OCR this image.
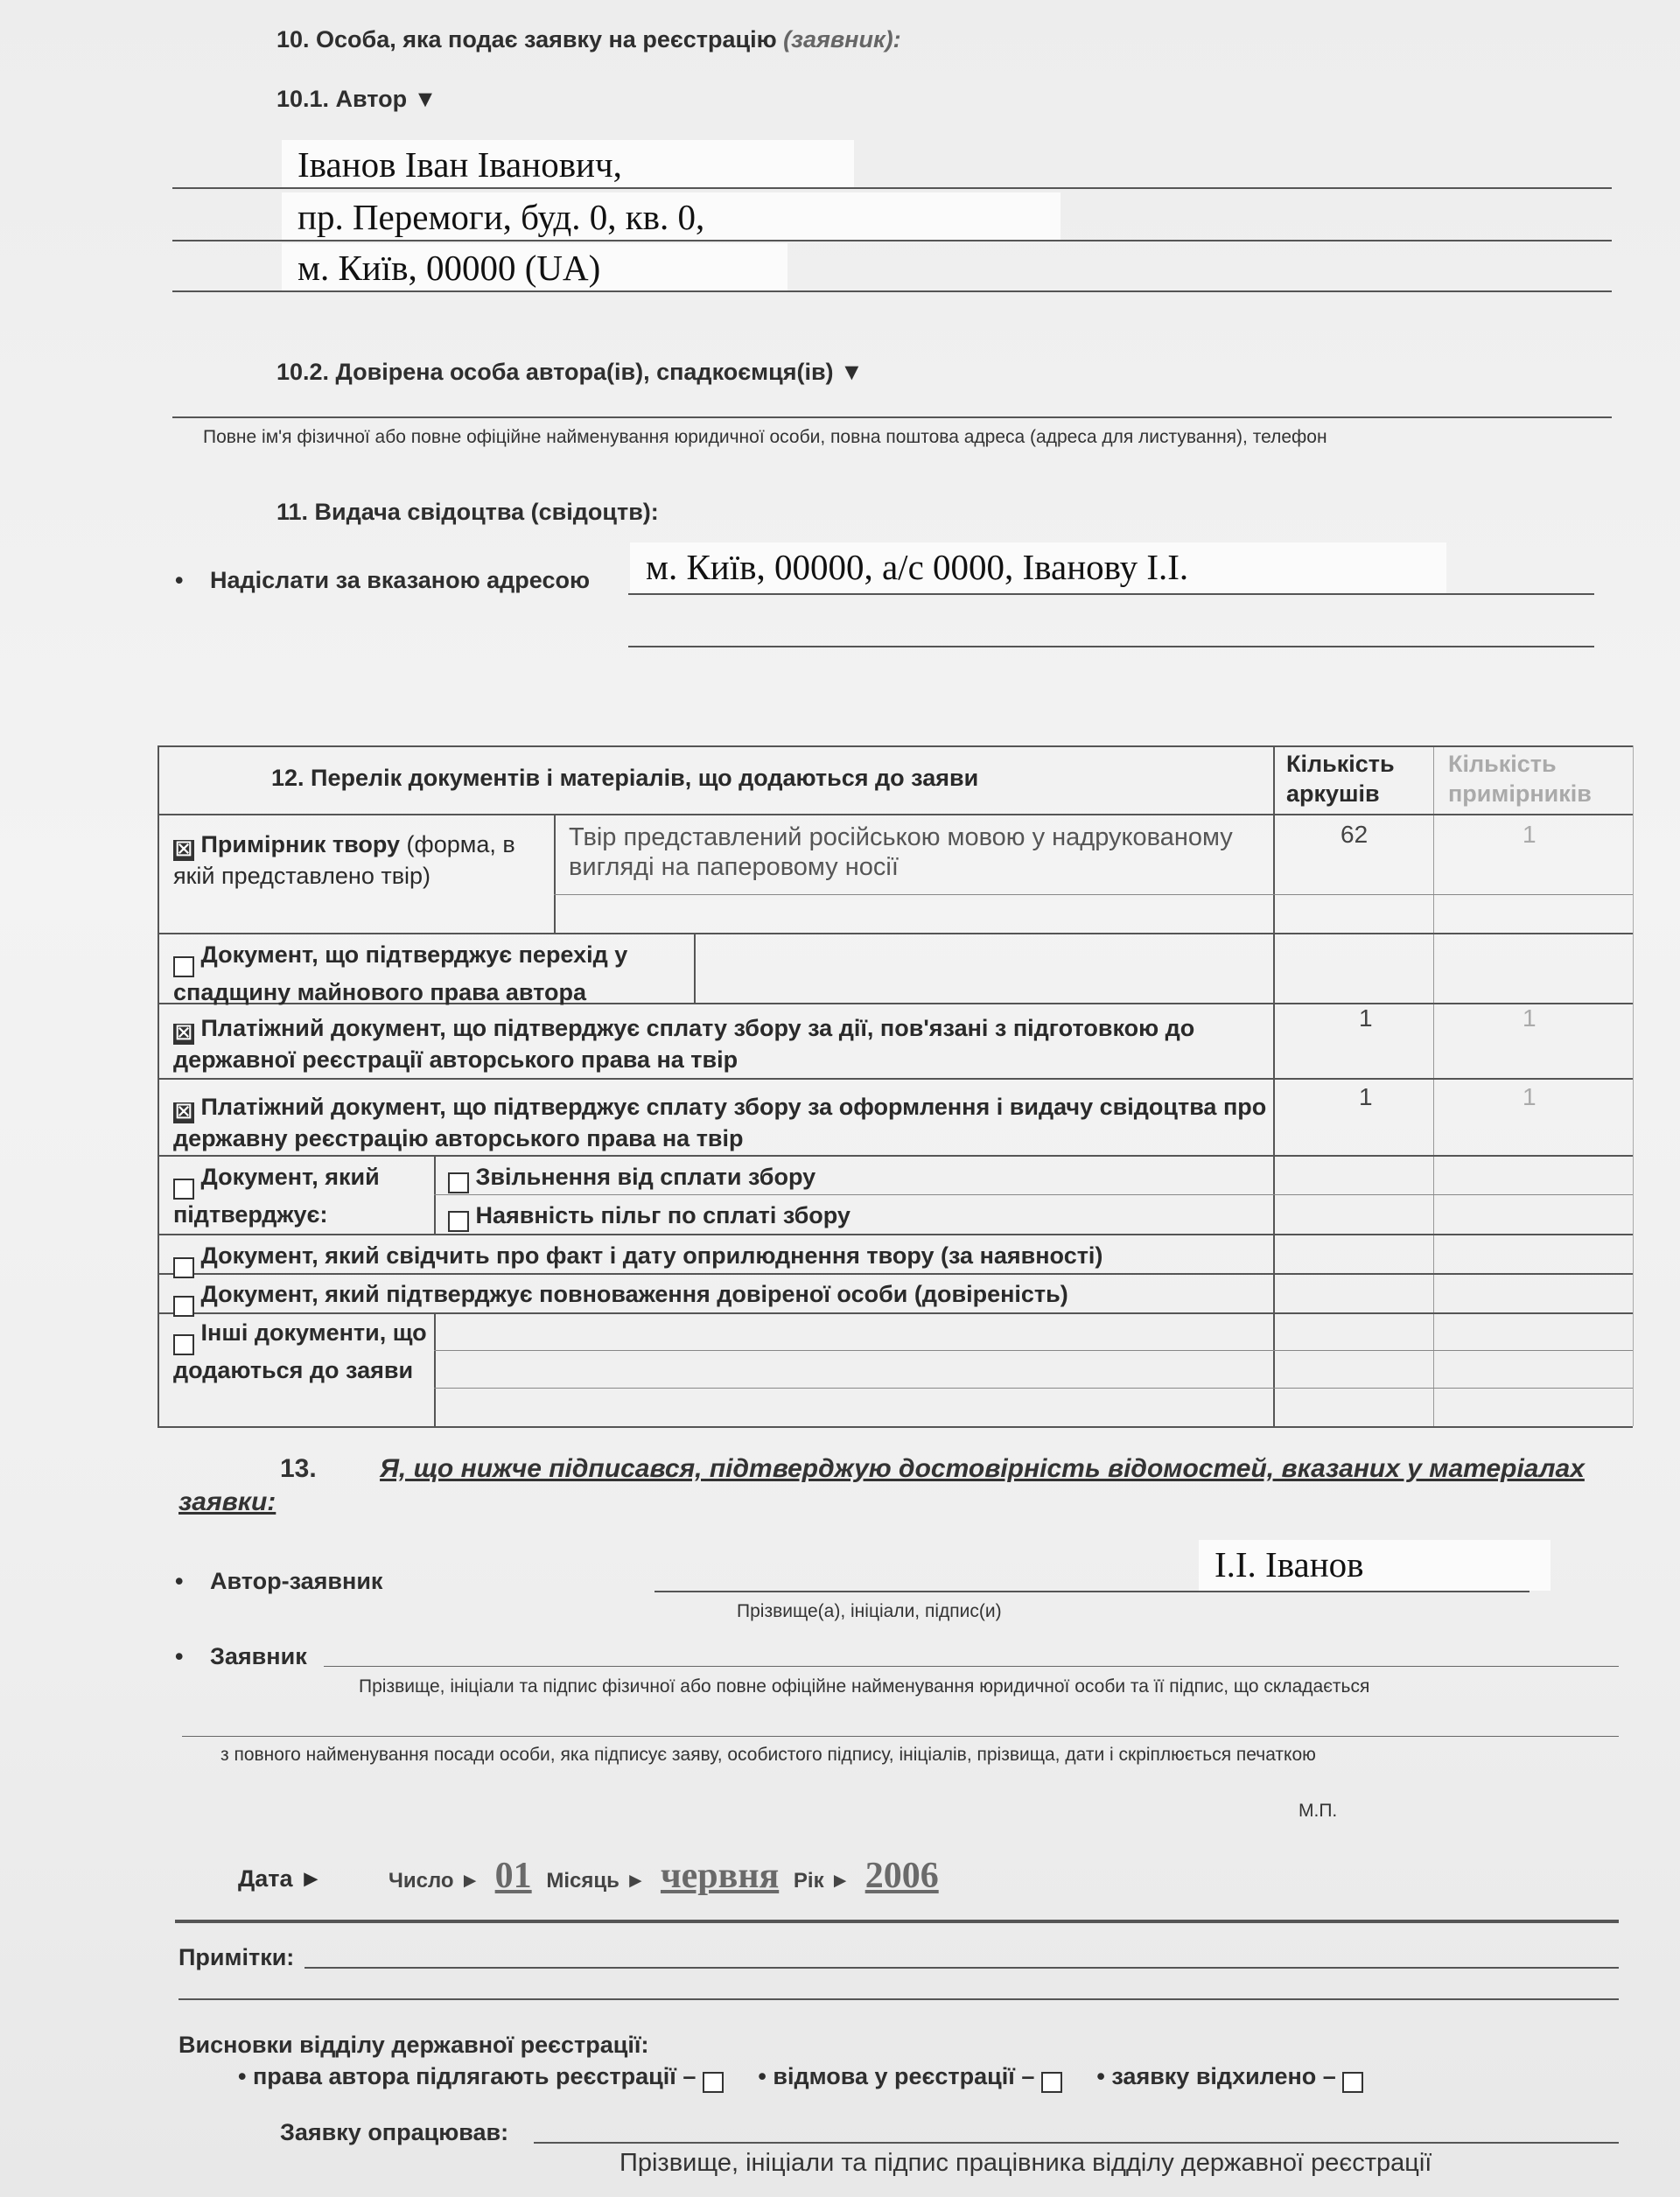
10. Особа, яка подає заявку на реєстрацію (заявник):
10.1. Автор ▼
Іванов Іван Іванович,
пр. Перемоги, буд. 0, кв. 0,
м. Київ, 00000 (UA)
10.2. Довірена особа автора(ів), спадкоємця(ів) ▼
Повне ім'я фізичної або повне офіційне найменування юридичної особи, повна поштова адреса (адреса для листування), телефон
11. Видача свідоцтва (свідоцтв):
• Надіслати за вказаною адресою	м. Київ, 00000, а/с 0000, Іванову І.І.
12. Перелік документів і матеріалів, що додаються до заяви
Кількість аркушів
Кількість примірників
☒ Примірник твору (форма, в якій представлено твір)
Твір представлений російською мовою у надрукованому вигляді на паперовому носії
62	1
Документ, що підтверджує перехід у спадщину майнового права автора
☒ Платіжний документ, що підтверджує сплату збору за дії, пов'язані з підготовкою до державної реєстрації авторського права на твір
1	1
☒ Платіжний документ, що підтверджує сплату збору за оформлення і видачу свідоцтва про державну реєстрацію авторського права на твір
1	1
Документ, який підтверджує:
Звільнення від сплати збору
Наявність пільг по сплаті збору
Документ, який свідчить про факт і дату оприлюднення твору (за наявності)
Документ, який підтверджує повноваження довіреної особи (довіреність)
Інші документи, що додаються до заяви
13. Я, що нижче підписався, підтверджую достовірність відомостей, вказаних у матеріалах заявки:
• Автор-заявник	І.І. Іванов
Прізвище(а), ініціали, підпис(и)
• Заявник
Прізвище, ініціали та підпис фізичної або повне офіційне найменування юридичної особи та її підпис, що складається
з повного найменування посади особи, яка підписує заяву, особистого підпису, ініціалів, прізвища, дати і скріплюється печаткою
М.П.
Дата ►	Число ► 01 Місяць ► червня Рік ► 2006
Примітки:
Висновки відділу державної реєстрації:
• права автора підлягають реєстрації –	• відмова у реєстрації –	• заявку відхилено –
Заявку опрацював:
Прізвище, ініціали та підпис працівника відділу державної реєстрації
